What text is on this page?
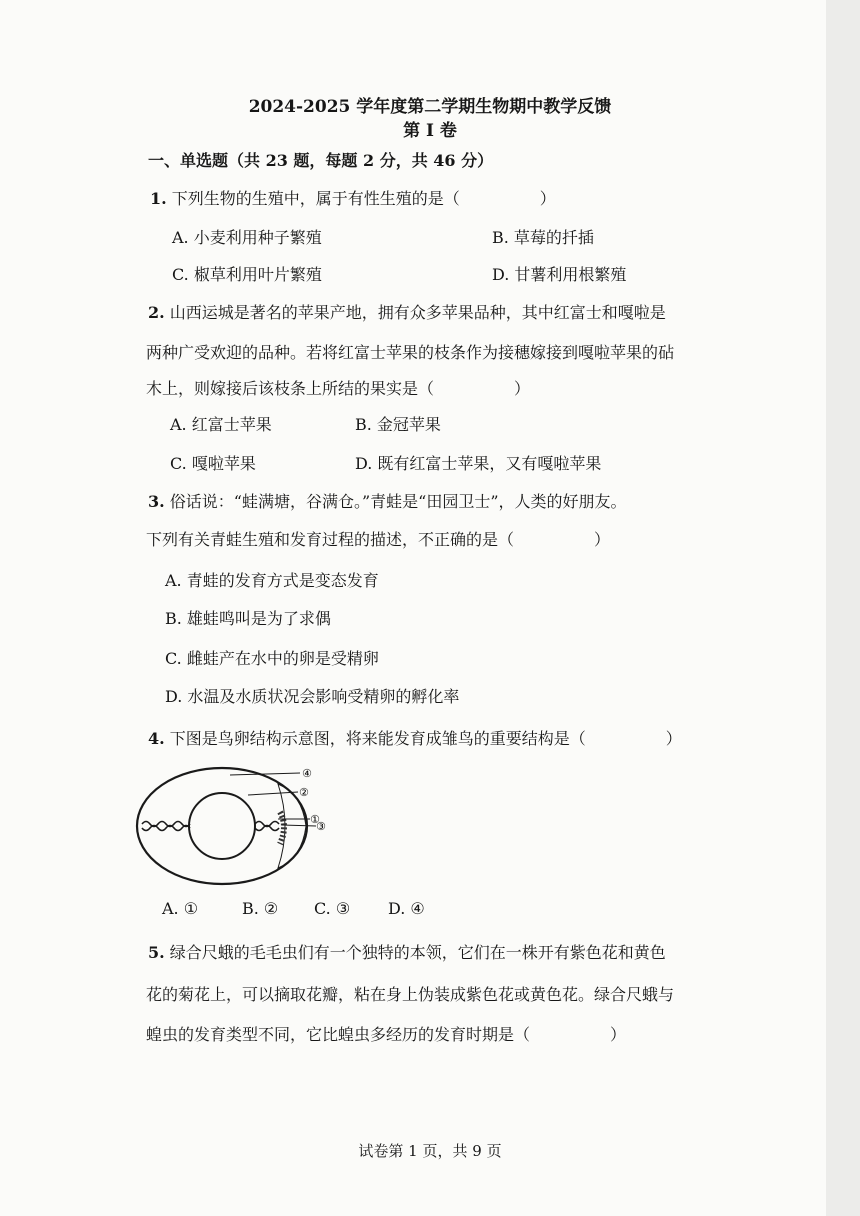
2024-2025 学年度第二学期生物期中教学反馈
第 I 卷
一、单选题（共 23 题，每题 2 分，共 46 分）
1. 下列生物的生殖中，属于有性生殖的是（　　　　　）
A. 小麦利用种子繁殖	B. 草莓的扦插
C. 椒草利用叶片繁殖	D. 甘薯利用根繁殖
2. 山西运城是著名的苹果产地，拥有众多苹果品种，其中红富士和嘎啦是
两种广受欢迎的品种。若将红富士苹果的枝条作为接穗嫁接到嘎啦苹果的砧
木上，则嫁接后该枝条上所结的果实是（　　　　　）
A. 红富士苹果	B. 金冠苹果
C. 嘎啦苹果	D. 既有红富士苹果，又有嘎啦苹果
3. 俗话说：“蛙满塘，谷满仓。”青蛙是“田园卫士”，人类的好朋友。
下列有关青蛙生殖和发育过程的描述，不正确的是（　　　　　）
A. 青蛙的发育方式是变态发育
B. 雄蛙鸣叫是为了求偶
C. 雌蛙产在水中的卵是受精卵
D. 水温及水质状况会影响受精卵的孵化率
4. 下图是鸟卵结构示意图，将来能发育成雏鸟的重要结构是（　　　　　）
④
②
①
③
A. ①	B. ② C. ③ D. ④
5. 绿合尺蛾的毛毛虫们有一个独特的本领，它们在一株开有紫色花和黄色
花的菊花上，可以摘取花瓣，粘在身上伪装成紫色花或黄色花。绿合尺蛾与
蝗虫的发育类型不同，它比蝗虫多经历的发育时期是（　　　　　）
试卷第 1 页，共 9 页
